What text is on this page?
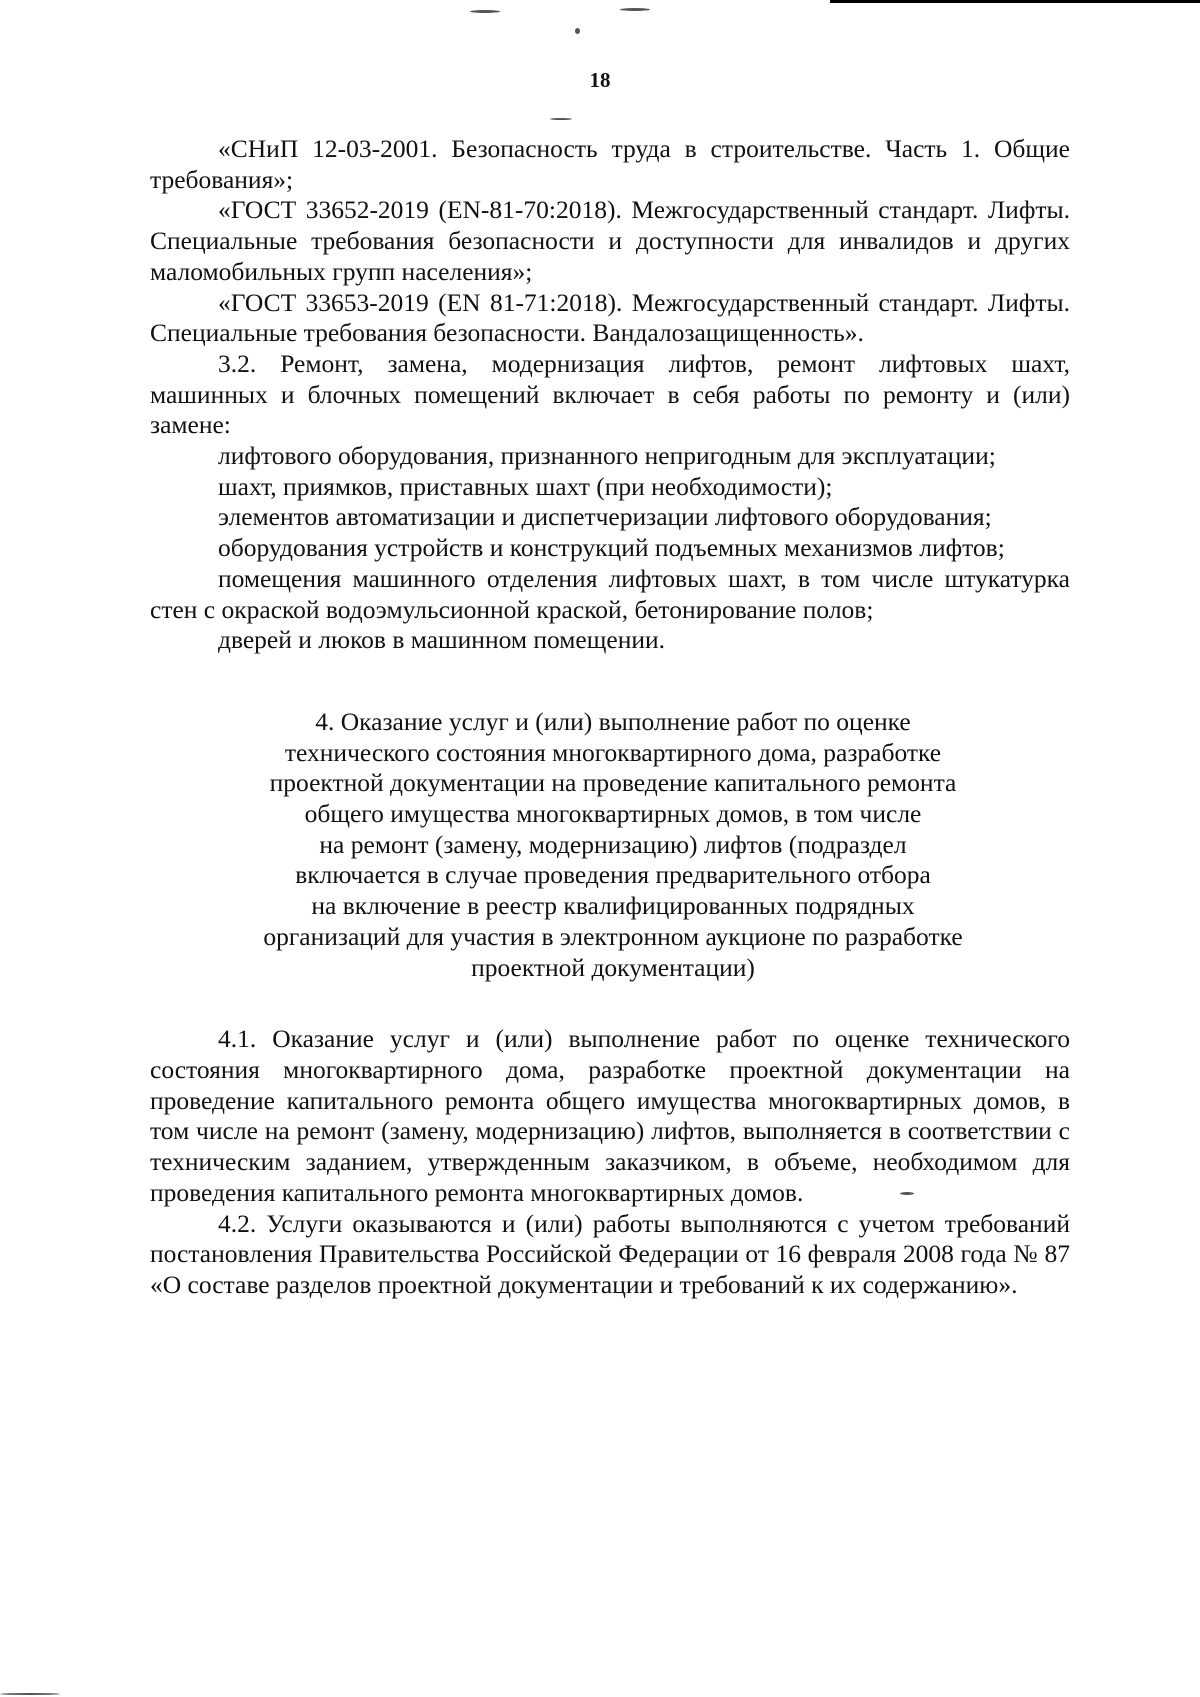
18

«СНиП 12-03-2001. Безопасность труда в строительстве. Часть 1. Общие требования»;

«ГОСТ 33652-2019 (EN-81-70:2018). Межгосударственный стандарт. Лифты. Специальные требования безопасности и доступности для инвалидов и других маломобильных групп населения»;

«ГОСТ 33653-2019 (EN 81-71:2018). Межгосударственный стандарт. Лифты. Специальные требования безопасности. Вандалозащищенность».

3.2. Ремонт, замена, модернизация лифтов, ремонт лифтовых шахт, машинных и блочных помещений включает в себя работы по ремонту и (или) замене:

лифтового оборудования, признанного непригодным для эксплуатации;

шахт, приямков, приставных шахт (при необходимости);

элементов автоматизации и диспетчеризации лифтового оборудования;

оборудования устройств и конструкций подъемных механизмов лифтов;

помещения машинного отделения лифтовых шахт, в том числе штукатурка стен с окраской водоэмульсионной краской, бетонирование полов;

дверей и люков в машинном помещении.

4. Оказание услуг и (или) выполнение работ по оценке
технического состояния многоквартирного дома, разработке
проектной документации на проведение капитального ремонта
общего имущества многоквартирных домов, в том числе
на ремонт (замену, модернизацию) лифтов (подраздел
включается в случае проведения предварительного отбора
на включение в реестр квалифицированных подрядных
организаций для участия в электронном аукционе по разработке
проектной документации)

4.1. Оказание услуг и (или) выполнение работ по оценке технического состояния многоквартирного дома, разработке проектной документации на проведение капитального ремонта общего имущества многоквартирных домов, в том числе на ремонт (замену, модернизацию) лифтов, выполняется в соответствии с техническим заданием, утвержденным заказчиком, в объеме, необходимом для проведения капитального ремонта многоквартирных домов.

4.2. Услуги оказываются и (или) работы выполняются с учетом требований постановления Правительства Российской Федерации от 16 февраля 2008 года № 87 «О составе разделов проектной документации и требований к их содержанию».
